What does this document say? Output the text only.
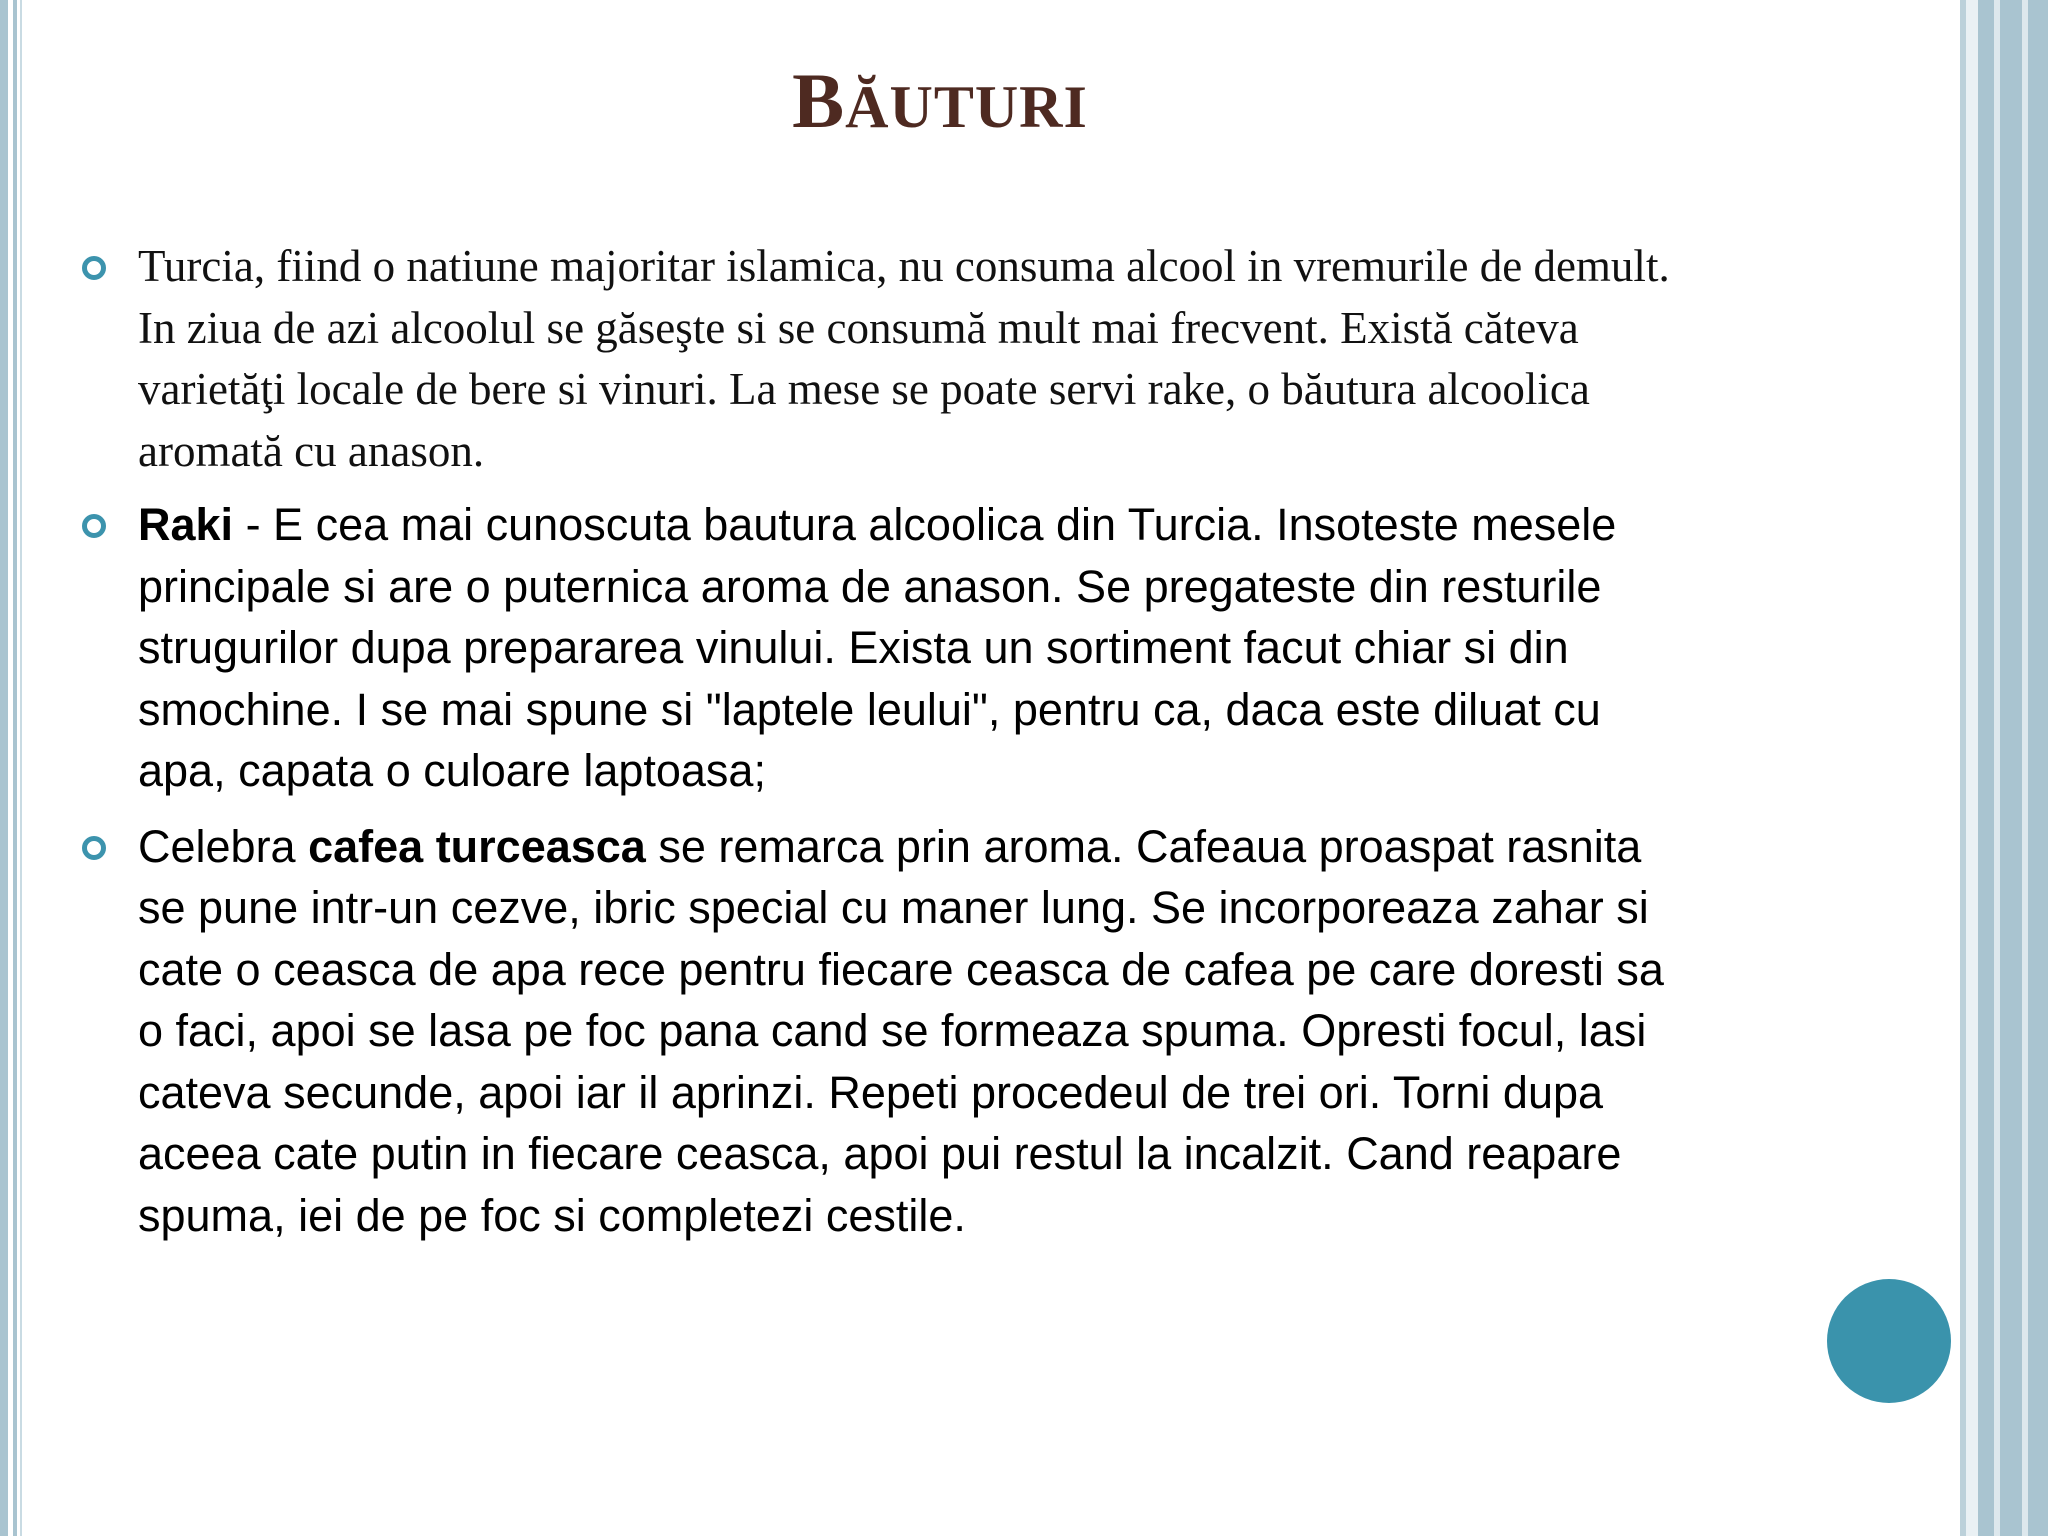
BĂUTURI
Turcia, fiind o natiune majoritar islamica, nu consuma alcool in vremurile de demult.
In ziua de azi alcoolul se găseşte si se consumă mult mai frecvent. Există căteva
varietăţi locale de bere si vinuri. La mese se poate servi rake, o băutura alcoolica
aromată cu anason.
Raki - E cea mai cunoscuta bautura alcoolica din Turcia. Insoteste mesele
principale si are o puternica aroma de anason. Se pregateste din resturile
strugurilor dupa prepararea vinului. Exista un sortiment facut chiar si din
smochine. I se mai spune si "laptele leului", pentru ca, daca este diluat cu
apa, capata o culoare laptoasa;
Celebra cafea turceasca se remarca prin aroma. Cafeaua proaspat rasnita
se pune intr-un cezve, ibric special cu maner lung. Se incorporeaza zahar si
cate o ceasca de apa rece pentru fiecare ceasca de cafea pe care doresti sa
o faci, apoi se lasa pe foc pana cand se formeaza spuma. Opresti focul, lasi
cateva secunde, apoi iar il aprinzi. Repeti procedeul de trei ori. Torni dupa
aceea cate putin in fiecare ceasca, apoi pui restul la incalzit. Cand reapare
spuma, iei de pe foc si completezi cestile.
